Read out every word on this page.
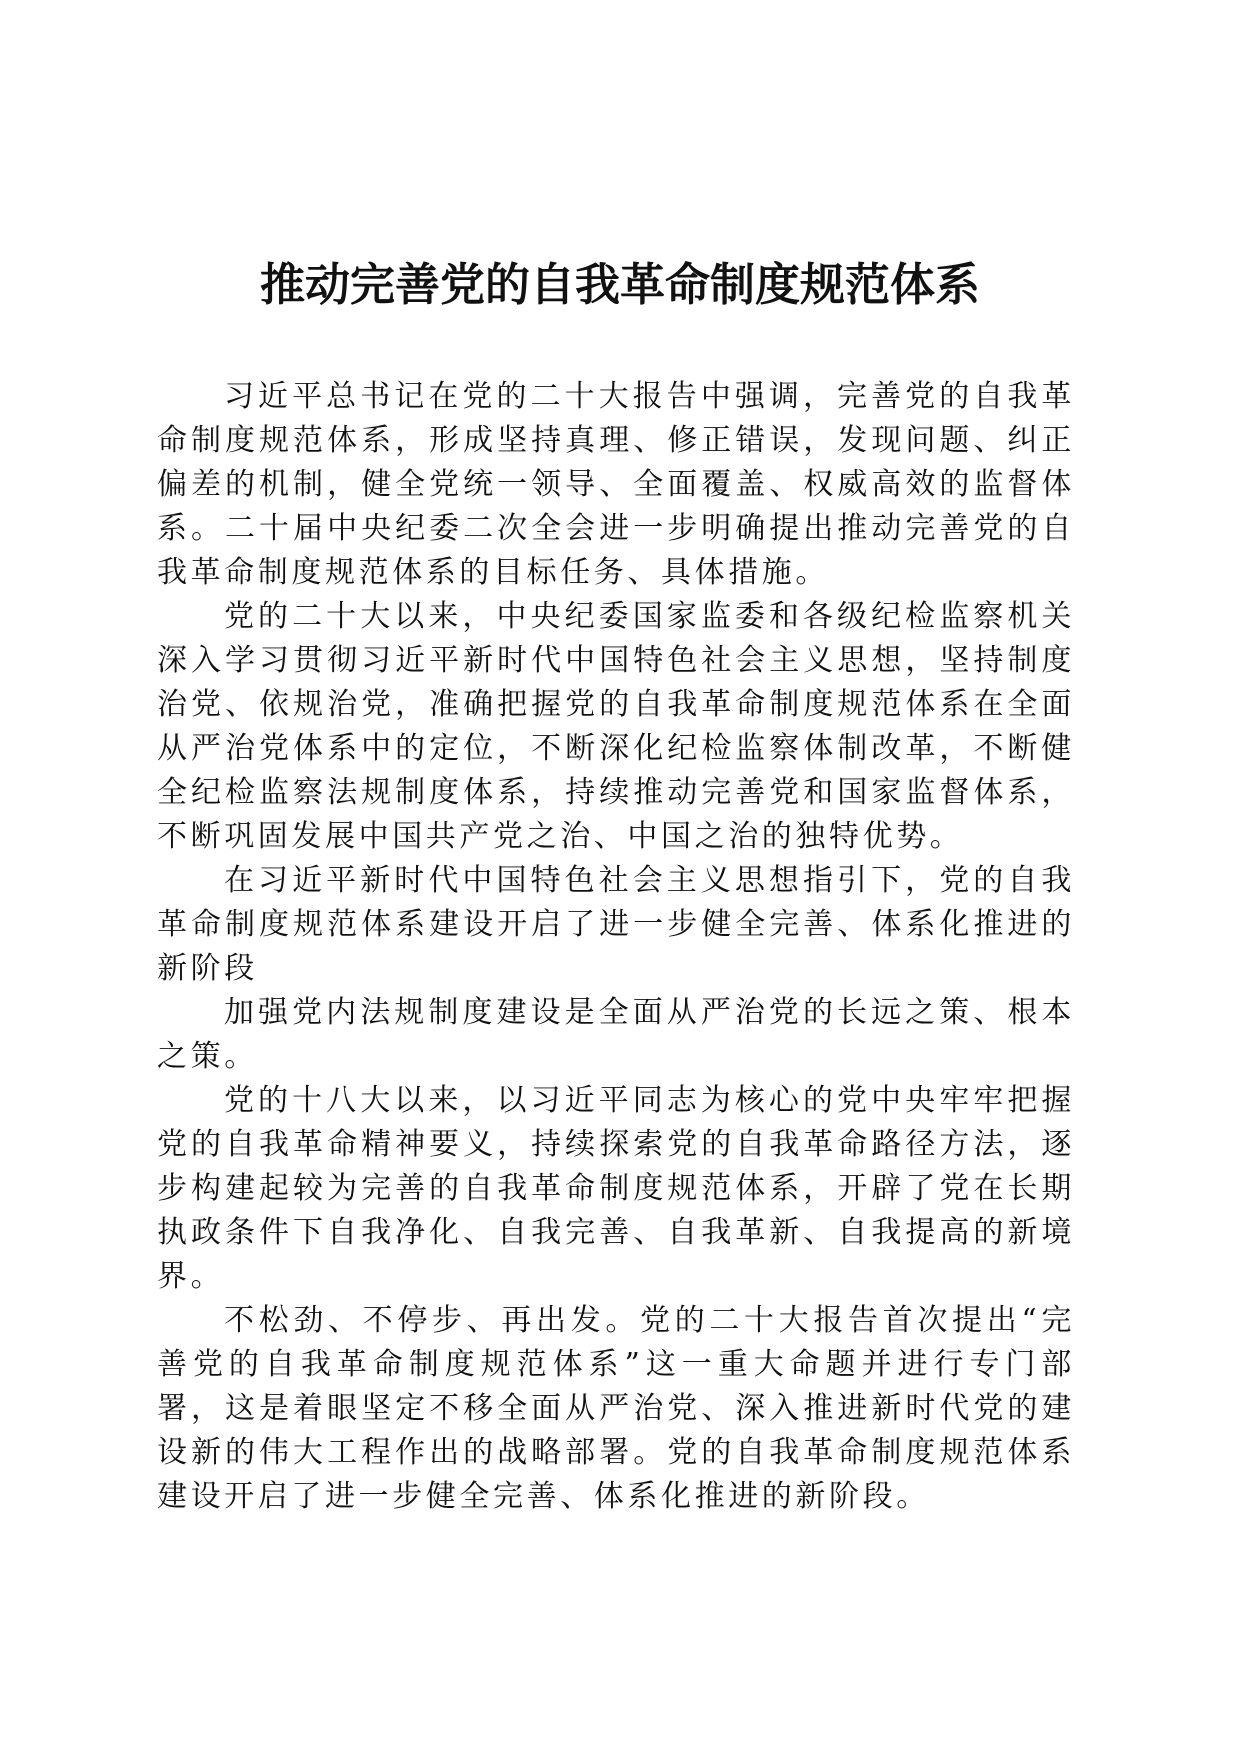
推动完善党的自我革命制度规范体系

习近平总书记在党的二十大报告中强调，完善党的自我革命制度规范体系，形成坚持真理、修正错误，发现问题、纠正偏差的机制，健全党统一领导、全面覆盖、权威高效的监督体系。二十届中央纪委二次全会进一步明确提出推动完善党的自我革命制度规范体系的目标任务、具体措施。

党的二十大以来，中央纪委国家监委和各级纪检监察机关深入学习贯彻习近平新时代中国特色社会主义思想，坚持制度治党、依规治党，准确把握党的自我革命制度规范体系在全面从严治党体系中的定位，不断深化纪检监察体制改革，不断健全纪检监察法规制度体系，持续推动完善党和国家监督体系，不断巩固发展中国共产党之治、中国之治的独特优势。

在习近平新时代中国特色社会主义思想指引下，党的自我革命制度规范体系建设开启了进一步健全完善、体系化推进的新阶段

加强党内法规制度建设是全面从严治党的长远之策、根本之策。

党的十八大以来，以习近平同志为核心的党中央牢牢把握党的自我革命精神要义，持续探索党的自我革命路径方法，逐步构建起较为完善的自我革命制度规范体系，开辟了党在长期执政条件下自我净化、自我完善、自我革新、自我提高的新境界。

不松劲、不停步、再出发。党的二十大报告首次提出“完善党的自我革命制度规范体系”这一重大命题并进行专门部署，这是着眼坚定不移全面从严治党、深入推进新时代党的建设新的伟大工程作出的战略部署。党的自我革命制度规范体系建设开启了进一步健全完善、体系化推进的新阶段。
